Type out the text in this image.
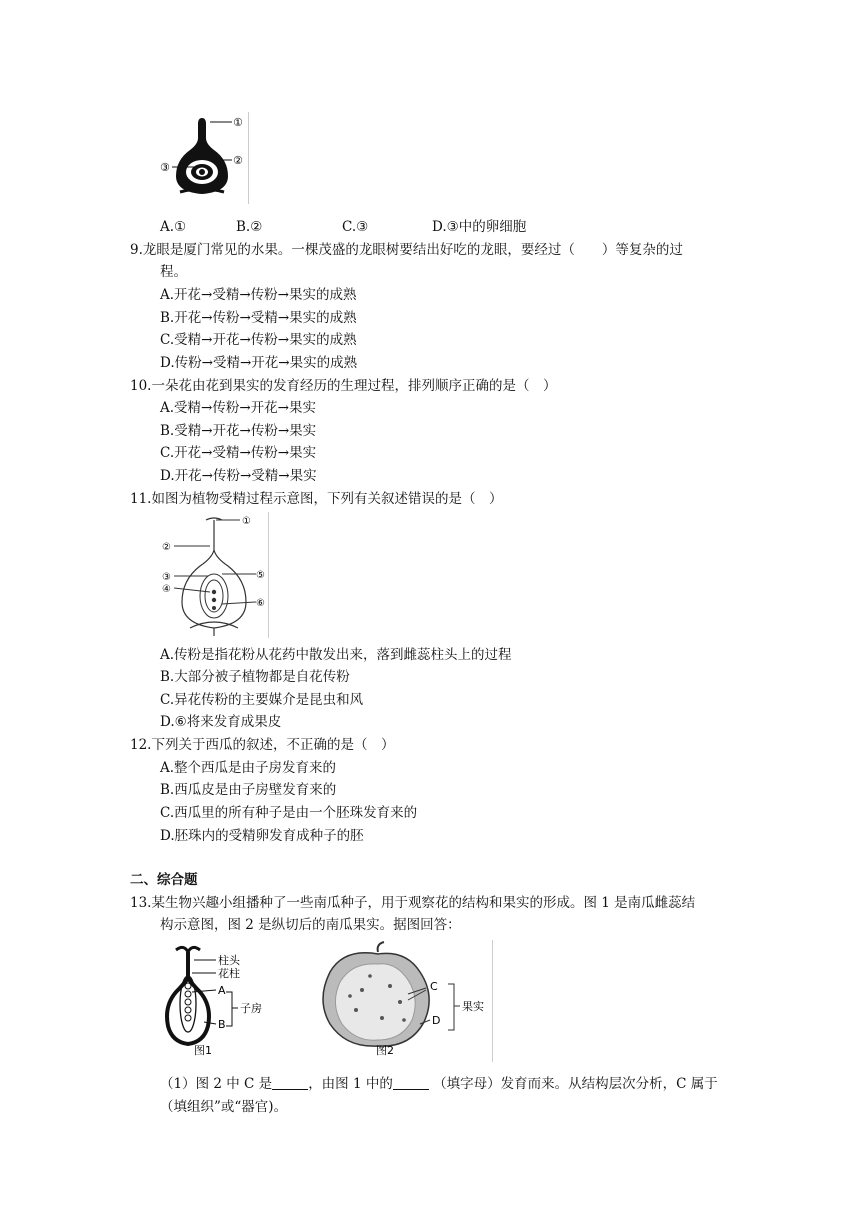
①
②
③
A.①	B.②	C.③	D.③中的卵细胞
9.龙眼是厦门常见的水果。一棵茂盛的龙眼树要结出好吃的龙眼，要经过（　　）等复杂的过
程。
A.开花→受精→传粉→果实的成熟
B.开花→传粉→受精→果实的成熟
C.受精→开花→传粉→果实的成熟
D.传粉→受精→开花→果实的成熟
10.一朵花由花到果实的发育经历的生理过程，排列顺序正确的是（　）
A.受精→传粉→开花→果实
B.受精→开花→传粉→果实
C.开花→受精→传粉→果实
D.开花→传粉→受精→果实
11.如图为植物受精过程示意图，下列有关叙述错误的是（　）
①
②
③
④
⑤
⑥
A.传粉是指花粉从花药中散发出来，落到雌蕊柱头上的过程
B.大部分被子植物都是自花传粉
C.异花传粉的主要媒介是昆虫和风
D.⑥将来发育成果皮
12.下列关于西瓜的叙述，不正确的是（　）
A.整个西瓜是由子房发育来的
B.西瓜皮是由子房壁发育来的
C.西瓜里的所有种子是由一个胚珠发育来的
D.胚珠内的受精卵发育成种子的胚
二、综合题
13.某生物兴趣小组播种了一些南瓜种子，用于观察花的结构和果实的形成。图 1 是南瓜雌蕊结
构示意图，图 2 是纵切后的南瓜果实。据图回答：
柱头
花柱
A
子房
B
图1
C
D
果实
图2
（1）图 2 中 C 是	，由图 1 中的	（填字母）发育而来。从结构层次分析，C 属于
（填组织”或“器官)。
